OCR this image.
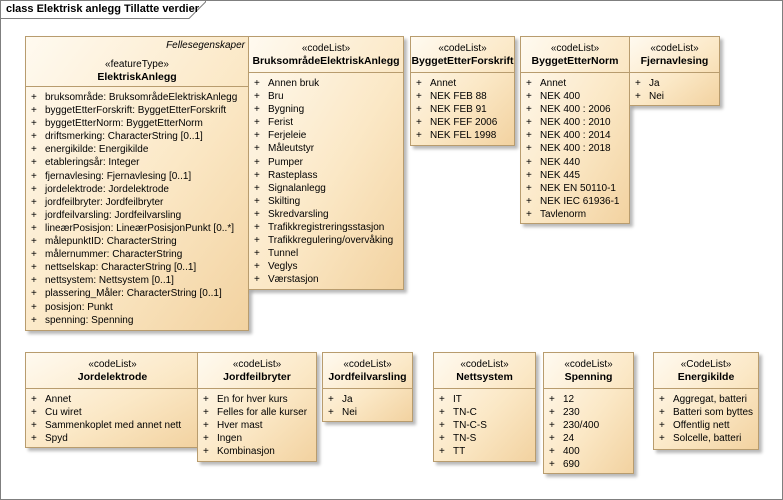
class Elektrisk anlegg Tillatte verdier
Fellesegenskaper
«featureType»
ElektriskAnlegg
+ bruksområde: BruksområdeElektriskAnlegg
+ byggetEtterForskrift: ByggetEtterForskrift
+ byggetEtterNorm: ByggetEtterNorm
+ driftsmerking: CharacterString [0..1]
+ energikilde: Energikilde
+ etableringsår: Integer
+ fjernavlesing: Fjernavlesing [0..1]
+ jordelektrode: Jordelektrode
+ jordfeilbryter: Jordfeilbryter
+ jordfeilvarsling: Jordfeilvarsling
+ lineærPosisjon: LineærPosisjonPunkt [0..*]
+ målepunktID: CharacterString
+ målernummer: CharacterString
+ nettselskap: CharacterString [0..1]
+ nettsystem: Nettsystem [0..1]
+ plassering_Måler: CharacterString [0..1]
+ posisjon: Punkt
+ spenning: Spenning
«codeList»
BruksområdeElektriskAnlegg
+ Annen bruk
+ Bru
+ Bygning
+ Ferist
+ Ferjeleie
+ Måleutstyr
+ Pumper
+ Rasteplass
+ Signalanlegg
+ Skilting
+ Skredvarsling
+ Trafikkregistreringsstasjon
+ Trafikkregulering/overvåking
+ Tunnel
+ Veglys
+ Værstasjon
«codeList»
ByggetEtterForskrift
+ Annet
+ NEK FEB 88
+ NEK FEB 91
+ NEK FEF 2006
+ NEK FEL 1998
«codeList»
ByggetEtterNorm
+ Annet
+ NEK 400
+ NEK 400 : 2006
+ NEK 400 : 2010
+ NEK 400 : 2014
+ NEK 400 : 2018
+ NEK 440
+ NEK 445
+ NEK EN 50110-1
+ NEK IEC 61936-1
+ Tavlenorm
«codeList»
Fjernavlesing
+ Ja
+ Nei
«codeList»
Jordelektrode
+ Annet
+ Cu wiret
+ Sammenkoplet med annet nett
+ Spyd
«codeList»
Jordfeilbryter
+ En for hver kurs
+ Felles for alle kurser
+ Hver mast
+ Ingen
+ Kombinasjon
«codeList»
Jordfeilvarsling
+ Ja
+ Nei
«codeList»
Nettsystem
+ IT
+ TN-C
+ TN-C-S
+ TN-S
+ TT
«codeList»
Spenning
+ 12
+ 230
+ 230/400
+ 24
+ 400
+ 690
«CodeList»
Energikilde
+ Aggregat, batteri
+ Batteri som byttes
+ Offentlig nett
+ Solcelle, batteri
